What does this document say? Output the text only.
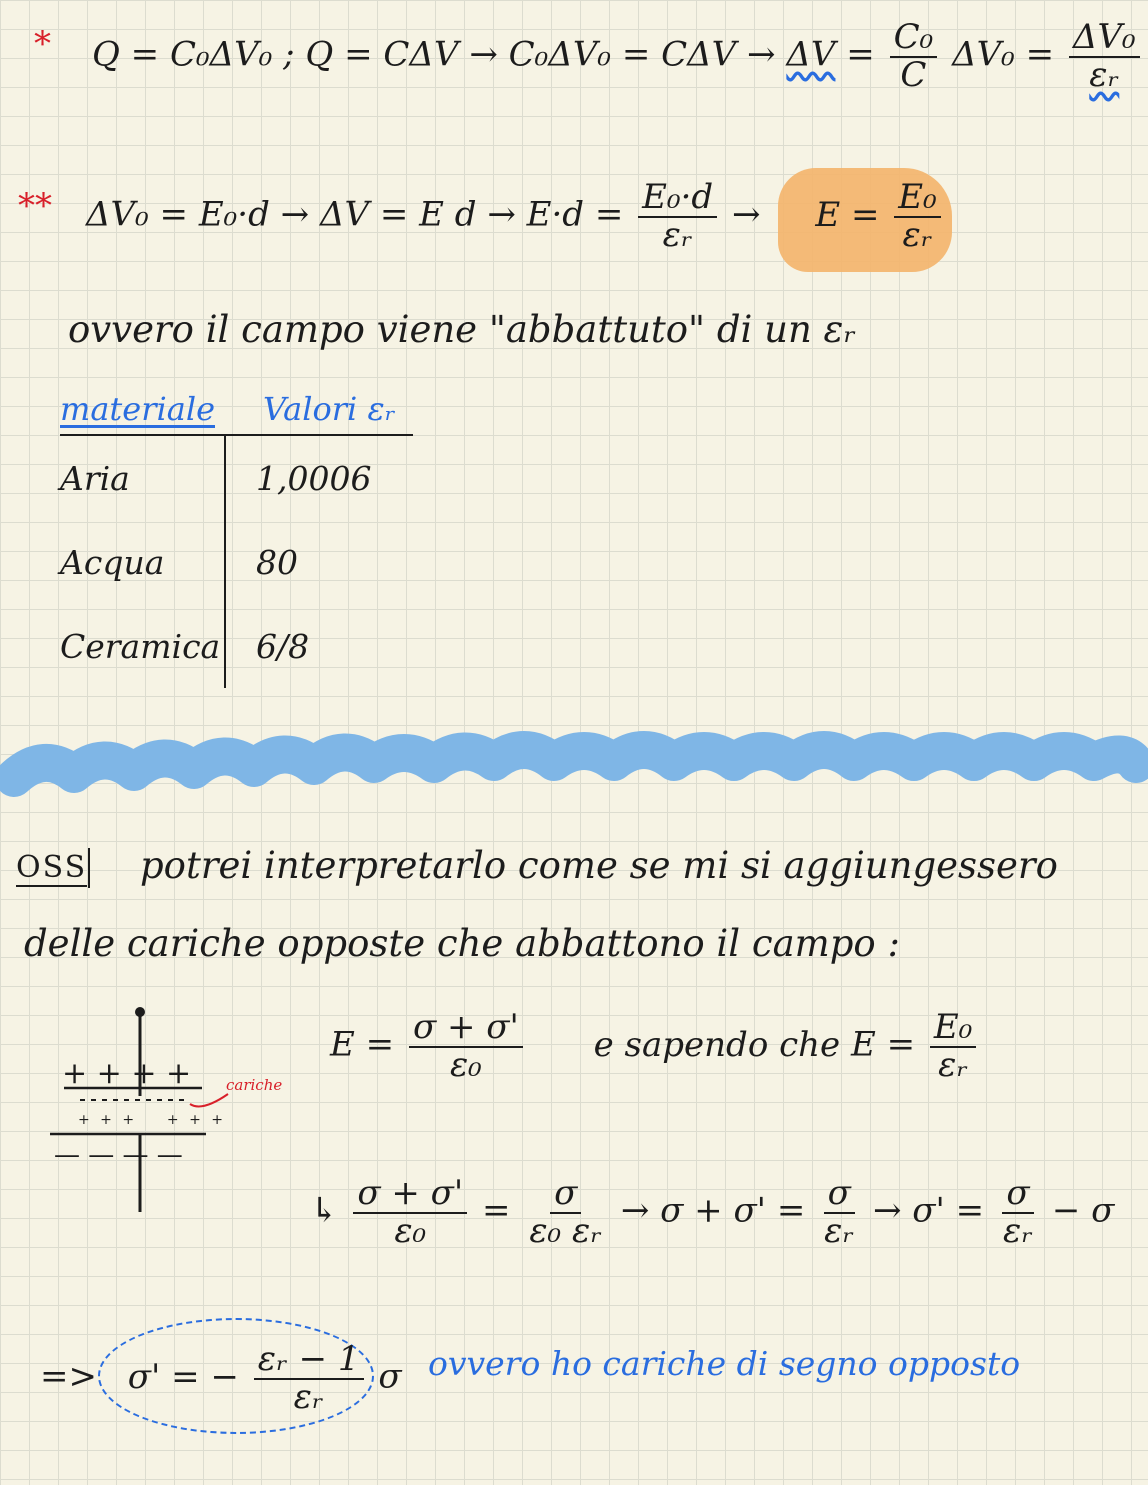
* Q = C₀ΔV₀ ; $Q = C\Delta V \to C_0\Delta V_0 = C\Delta V \to \Delta V = \frac{\text{C₀}}{C} \Delta V_0 = \frac{\text{ΔV₀}}{\text{εᵣ}}$
** ΔV₀ = E₀·d → ΔV = E $d \to E\cdot d = \frac{\text{E₀·d}}{\text{εᵣ}} \to E = \frac{\text{E₀}}{\text{εᵣ}}$
ovvero il campo viene "abbattuto" di un εᵣ
materiale	Valori εᵣ
Aria	1,0006
Acqua	80
Ceramica	6/8
OSS potrei interpretarlo come se mi si aggiungessero
delle cariche opposte che abbattono il campo :
+ + + +
+ + +    + + +
— — — —
cariche
$E = \frac{\sigma + \sigma'}{\text{ε₀}}$ e sapendo che $E = \frac{\text{E₀}}{\text{εᵣ}}$
↳ $\frac{\sigma + \sigma'}{\text{ε₀}} = \frac{\sigma}{\text{ε₀ εᵣ}} \to \sigma + \sigma' = \frac{\sigma}{\text{εᵣ}} \to \sigma' = \frac{\sigma}{\text{εᵣ}} - \sigma$
=> σ' = − $\frac{\text{εᵣ − 1}}{\text{εᵣ}}$ σ ovvero ho cariche di segno opposto
